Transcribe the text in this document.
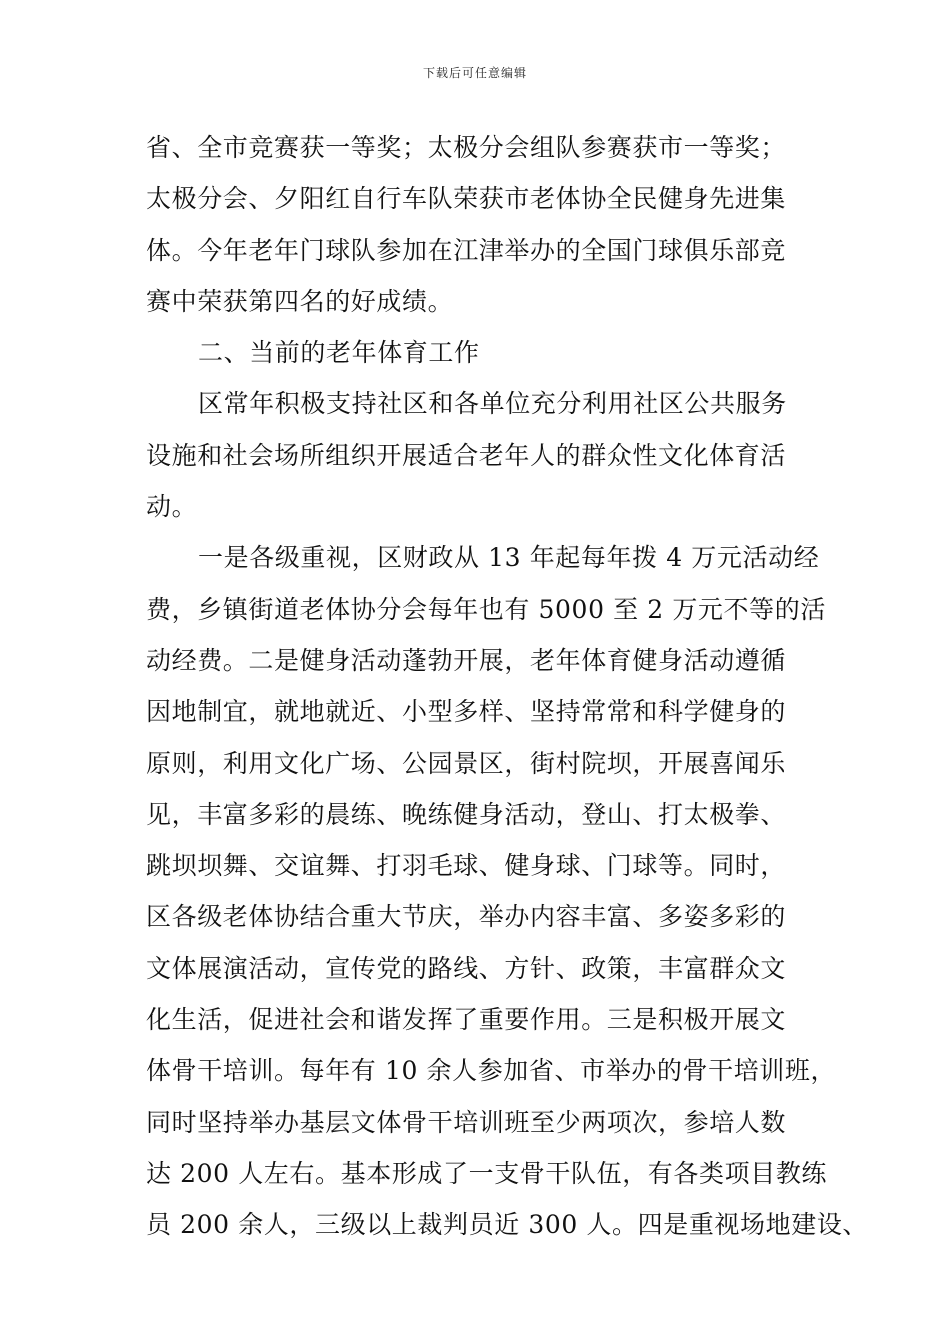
下载后可任意编辑
省、全市竞赛获一等奖；太极分会组队参赛获市一等奖；
太极分会、夕阳红自行车队荣获市老体协全民健身先进集
体。今年老年门球队参加在江津举办的全国门球俱乐部竞
赛中荣获第四名的好成绩。
二、当前的老年体育工作
区常年积极支持社区和各单位充分利用社区公共服务
设施和社会场所组织开展适合老年人的群众性文化体育活
动。
一是各级重视，区财政从 13 年起每年拨 4 万元活动经
费，乡镇街道老体协分会每年也有 5000 至 2 万元不等的活
动经费。二是健身活动蓬勃开展，老年体育健身活动遵循
因地制宜，就地就近、小型多样、坚持常常和科学健身的
原则，利用文化广场、公园景区，街村院坝，开展喜闻乐
见，丰富多彩的晨练、晚练健身活动，登山、打太极拳、
跳坝坝舞、交谊舞、打羽毛球、健身球、门球等。同时，
区各级老体协结合重大节庆，举办内容丰富、多姿多彩的
文体展演活动，宣传党的路线、方针、政策，丰富群众文
化生活，促进社会和谐发挥了重要作用。三是积极开展文
体骨干培训。每年有 10 余人参加省、市举办的骨干培训班，
同时坚持举办基层文体骨干培训班至少两项次，参培人数
达 200 人左右。基本形成了一支骨干队伍，有各类项目教练
员 200 余人，三级以上裁判员近 300 人。四是重视场地建设、
